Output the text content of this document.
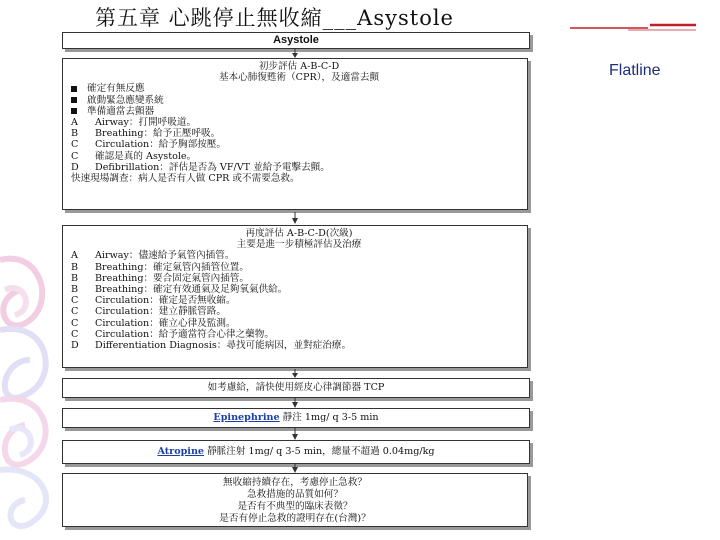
第五章 心跳停止無收縮___Asystole
Flatline
Asystole
初步評估 A-B-C-D
基本心肺復甦術（CPR），及適當去顫
確定有無反應
啟動緊急應變系統
準備適當去顫器
A Airway：打開呼吸道。
B Breathing：給予正壓呼吸。
C Circulation：給予胸部按壓。
C 確認是真的 Asystole。
D Defibrillation：評估是否為 VF/VT 並給予電擊去顫。
快速現場調查：病人是否有人做 CPR 或不需要急救。
再度評估 A-B-C-D(次級)
主要是進一步積極評估及治療
A Airway：儘速給予氣管內插管。
B Breathing：確定氣管內插管位置。
B Breathing：要合固定氣管內插管。
B Breathing：確定有效通氣及足夠氧氣供給。
C Circulation：確定是否無收縮。
C Circulation：建立靜脈管路。
C Circulation：確立心律及監測。
C Circulation：給予適當符合心律之藥物。
D Differentiation Diagnosis：尋找可能病因，並對症治療。
如考慮給，請快使用經皮心律調節器 TCP
Epinephrine 靜注 1mg/ q 3-5 min
Atropine 靜脈注射 1mg/ q 3-5 min，總量不超過 0.04mg/kg
無收縮持續存在，考慮停止急救？
急救措施的品質如何？
是否有不典型的臨床表徵？
是否有停止急救的證明存在(台灣)？
